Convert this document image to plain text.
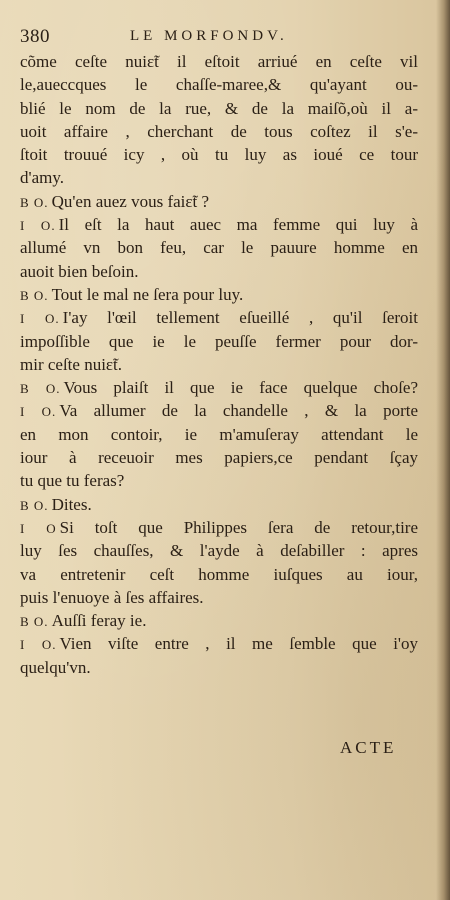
380	LE MORFONDV.
cõme ceſte nuiɛ̃t il eſtoit arriué en ceſte vil
le,aueccques le chaſſe-maree,& qu'ayant ou-
blié le nom de la rue, & de la maiſõ,où il a-
uoit affaire , cherchant de tous coſtez il s'e-
ſtoit trouué icy , où tu luy as ioué ce tour
d'amy.
B O. Qu'en auez vous faiɛ̃t ?
I O. Il eſt la haut auec ma femme qui luy à
allumé vn bon feu, car le pauure homme en
auoit bien beſoin.
B O. Tout le mal ne ſera pour luy.
I O. I'ay l'œil tellement eſueillé , qu'il ſeroit
impoſſible que ie le peuſſe fermer pour dor-
mir ceſte nuiɛ̃t.
B O. Vous plaiſt il que ie face quelque choſe?
I O. Va allumer de la chandelle , & la porte
en mon contoir, ie m'amuſeray attendant le
iour à receuoir mes papiers,ce pendant ſçay
tu que tu feras?
B O. Dites.
I O Si toſt que Philippes ſera de retour,tire
luy ſes chauſſes, & l'ayde à deſabiller : apres
va entretenir ceſt homme iuſques au iour,
puis l'enuoye à ſes affaires.
B O. Auſſi feray ie.
I O. Vien viſte entre , il me ſemble que i'oy
quelqu'vn.
ACTE
